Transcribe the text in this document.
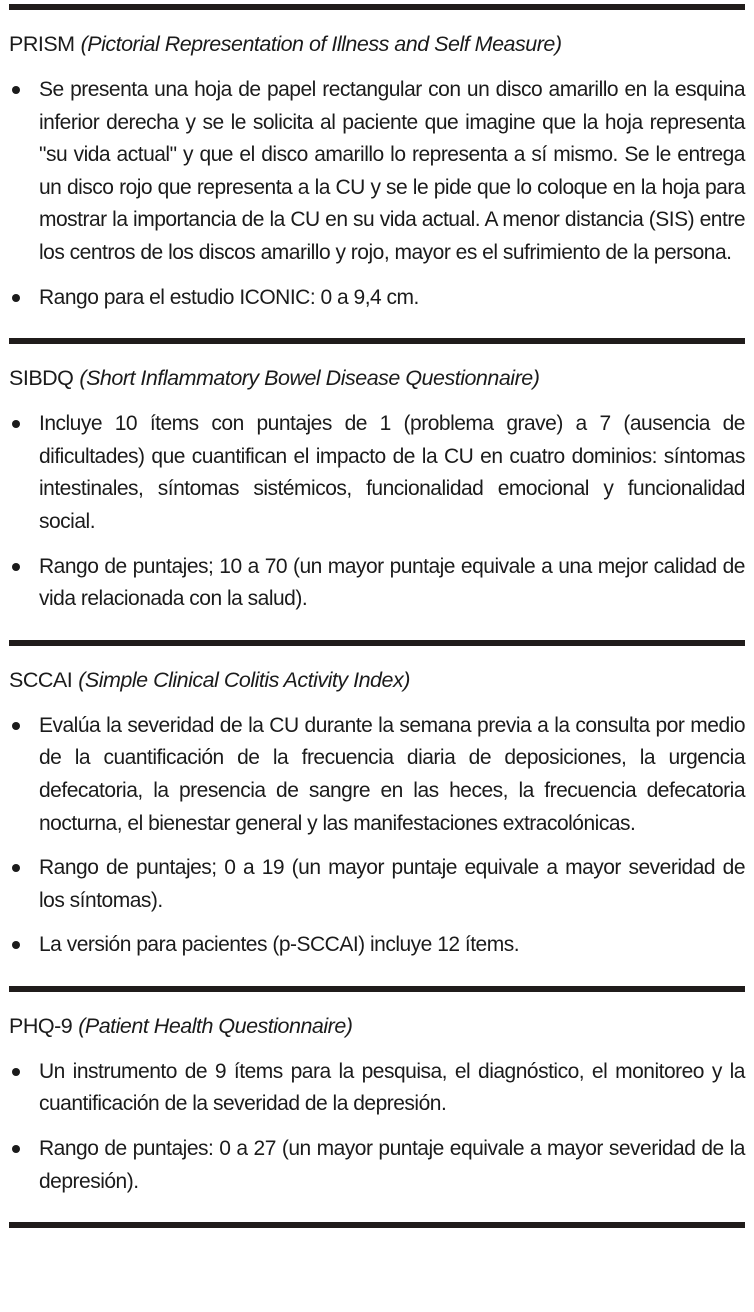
PRISM (Pictorial Representation of Illness and Self Measure)
Se presenta una hoja de papel rectangular con un disco amarillo en la esquina inferior derecha y se le solicita al paciente que imagine que la hoja representa "su vida actual" y que el disco amarillo lo representa a sí mismo. Se le entrega un disco rojo que representa a la CU y se le pide que lo coloque en la hoja para mostrar la importancia de la CU en su vida actual. A menor distancia (SIS) entre los centros de los discos amarillo y rojo, mayor es el sufrimiento de la persona.
Rango para el estudio ICONIC: 0 a 9,4 cm.
SIBDQ (Short Inflammatory Bowel Disease Questionnaire)
Incluye 10 ítems con puntajes de 1 (problema grave) a 7 (ausencia de dificultades) que cuantifican el impacto de la CU en cuatro dominios: síntomas intestinales, síntomas sistémicos, funcionalidad emocional y funcionalidad social.
Rango de puntajes; 10 a 70 (un mayor puntaje equivale a una mejor calidad de vida relacionada con la salud).
SCCAI (Simple Clinical Colitis Activity Index)
Evalúa la severidad de la CU durante la semana previa a la consulta por medio de la cuantificación de la frecuencia diaria de deposiciones, la urgencia defecatoria, la presencia de sangre en las heces, la frecuencia defecatoria nocturna, el bienestar general y las manifestaciones extracolónicas.
Rango de puntajes; 0 a 19 (un mayor puntaje equivale a mayor severidad de los síntomas).
La versión para pacientes (p-SCCAI) incluye 12 ítems.
PHQ-9 (Patient Health Questionnaire)
Un instrumento de 9 ítems para la pesquisa, el diagnóstico, el monitoreo y la cuantificación de la severidad de la depresión.
Rango de puntajes: 0 a 27 (un mayor puntaje equivale a mayor severidad de la depresión).
